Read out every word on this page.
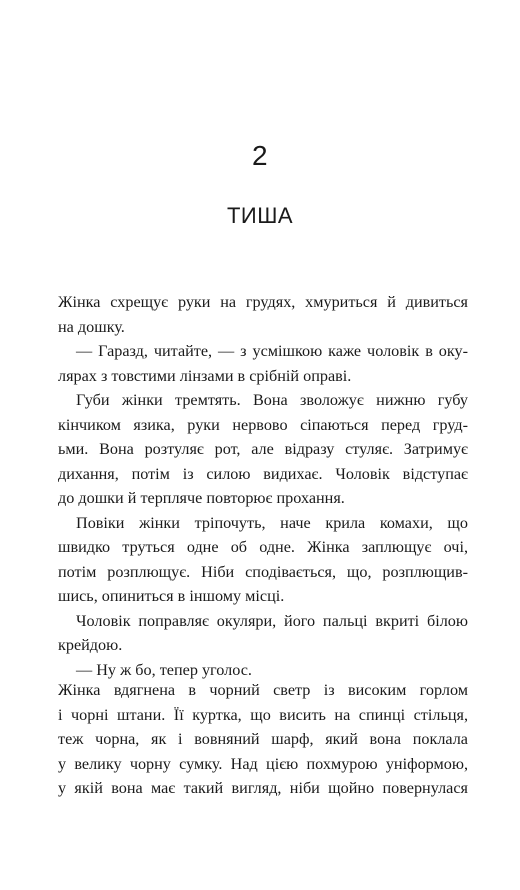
2
ТИША
Жінка схрещує руки на грудях, хмуриться й дивиться
на дошку.
— Гаразд, читайте, — з усмішкою каже чоловік в оку-
лярах з товстими лінзами в срібній оправі.
Губи жінки тремтять. Вона зволожує нижню губу
кінчиком язика, руки нервово сіпаються перед груд-
ьми. Вона розтуляє рот, але відразу стуляє. Затримує
дихання, потім із силою видихає. Чоловік відступає
до дошки й терпляче повторює прохання.
Повіки жінки тріпочуть, наче крила комахи, що
швидко труться одне об одне. Жінка заплющує очі,
потім розплющує. Ніби сподівається, що, розплющив-
шись, опиниться в іншому місці.
Чоловік поправляє окуляри, його пальці вкриті білою
крейдою.
— Ну ж бо, тепер уголос.
Жінка вдягнена в чорний светр із високим горлом
і чорні штани. Її куртка, що висить на спинці стільця,
теж чорна, як і вовняний шарф, який вона поклала
у велику чорну сумку. Над цією похмурою уніформою,
у якій вона має такий вигляд, ніби щойно повернулася
